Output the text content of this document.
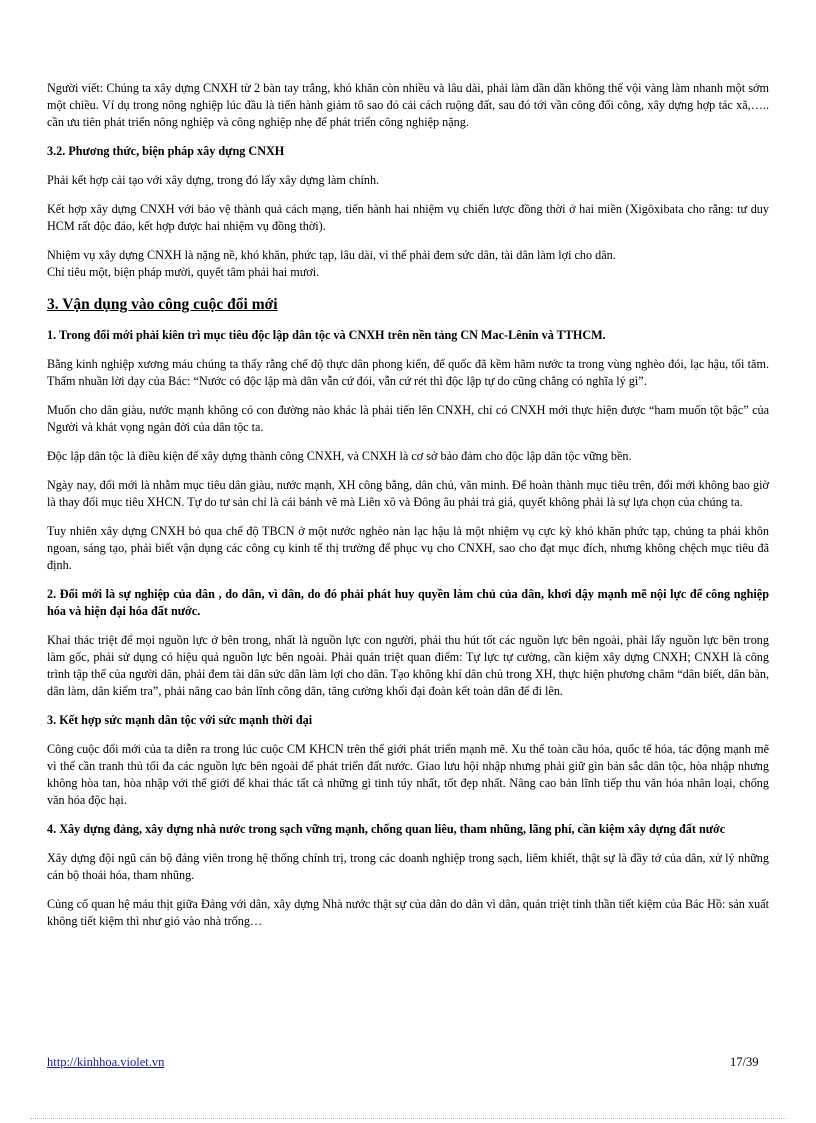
Người viết: Chúng ta xây dựng CNXH từ 2 bàn tay trắng, khó khăn còn nhiều và lâu dài, phải làm dần dần không thể vội vàng làm nhanh một sớm một chiều. Ví dụ trong nông nghiệp lúc đầu là tiến hành giảm tô sao đó cải cách ruộng đất, sau đó tới vần công đổi công, xây dựng hợp tác xã,….. cần ưu tiên phát triển nông nghiệp và công nghiệp nhẹ để phát triển công nghiệp nặng.

3.2. Phương thức, biện pháp xây dựng CNXH

Phải kết hợp cải tạo với xây dựng, trong đó lấy xây dựng làm chính.

Kết hợp xây dựng CNXH với bảo vệ thành quả cách mạng, tiến hành hai nhiệm vụ chiến lược đồng thời ở hai miền (Xigôxibata cho rằng: tư duy HCM rất độc đáo, kết hợp được hai nhiệm vụ đồng thời).

Nhiệm vụ xây dựng CNXH là nặng nề, khó khăn, phức tạp, lâu dài, vì thế phải đem sức dân, tài dân làm lợi cho dân.

Chỉ tiêu một, biện pháp mười, quyết tâm phải hai mươi.

3. Vận dụng vào công cuộc đổi mới

1. Trong đổi mới phải kiên trì mục tiêu độc lập dân tộc và CNXH trên nền tảng CN Mac-Lênin và TTHCM.

Bằng kinh nghiệp xương máu chúng ta thấy rằng chế độ thực dân phong kiến, đế quốc đã kềm hãm nước ta trong vùng nghèo đói, lạc hậu, tối tăm. Thấm nhuần lời dạy của Bác: “Nước có độc lập mà dân vẫn cứ đói, vẫn cứ rét thì độc lập tự do cũng chẳng có nghĩa lý gì”.

Muốn cho dân giàu, nước mạnh không có con đường nào khác là phải tiến lên CNXH, chỉ có CNXH mới thực hiện được “ham muốn tột bậc” của Người và khát vọng ngàn đời của dân tộc ta.

Độc lập dân tộc là điều kiện để xây dựng thành công CNXH, và CNXH là cơ sở bảo đảm cho độc lập dân tộc vững bền.

Ngày nay, đổi mới là nhằm mục tiêu dân giàu, nước mạnh, XH công bằng, dân chủ, văn minh. Để hoàn thành mục tiêu trên, đổi mới không bao giờ là thay đổi mục tiêu XHCN. Tự do tư sản chỉ là cái bánh vẽ mà Liên xô và Đông âu phải trả giá, quyết không phải là sự lựa chọn của chúng ta.

Tuy nhiên xây dựng CNXH bỏ qua chế độ TBCN ở một nước nghèo nàn lạc hậu là một nhiệm vụ cực kỳ khó khăn phức tạp, chúng ta phải khôn ngoan, sáng tạo, phải biết vận dụng các công cụ kinh tế thị trường để phục vụ cho CNXH, sao cho đạt mục đích, nhưng không chệch mục tiêu đã định.

2. Đổi mới là sự nghiệp của dân , do dân, vì dân, do đó phải phát huy quyền làm chủ của dân, khơi dậy mạnh mẽ nội lực để công nghiệp hóa và hiện đại hóa đất nước.

Khai thác triệt để mọi nguồn lực ở bên trong, nhất là nguồn lực con người, phải thu hút tốt các nguồn lực bên ngoài, phải lấy nguồn lực bên trong làm gốc, phải sử dụng có hiệu quả nguồn lực bên ngoài. Phải quán triệt quan điểm: Tự lực tự cường, cần kiệm xây dựng CNXH; CNXH là công trình tập thể của người dân, phải đem tài dân sức dân làm lợi cho dân. Tạo không khí dân chủ trong XH, thực hiện phương châm “dân biết, dân bàn, dân làm, dân kiểm tra”, phải nâng cao bản lĩnh công dân, tăng cường khối đại đoàn kết toàn dân để đi lên.

3. Kết hợp sức mạnh dân tộc với sức mạnh thời đại

Công cuộc đổi mới của ta diễn ra trong lúc cuộc CM KHCN trên thế giới phát triển mạnh mẽ. Xu thế toàn cầu hóa, quốc tế hóa, tác động mạnh mẽ vì thế cần tranh thủ tối đa các nguồn lực bên ngoài để phát triển đất nước. Giao lưu hội nhập nhưng phải giữ gìn bản sắc dân tộc, hòa nhập nhưng không hòa tan, hòa nhập với thế giới để khai thác tất cả những gì tinh túy nhất, tốt đẹp nhất. Nâng cao bản lĩnh tiếp thu văn hóa nhân loại, chống văn hóa độc hại.

4. Xây dựng đảng, xây dựng nhà nước trong sạch vững mạnh, chống quan liêu, tham nhũng, lãng phí, cần kiệm xây dựng đất nước

Xây dựng đội ngũ cán bộ đảng viên trong hệ thống chính trị, trong các doanh nghiệp trong sạch, liêm khiết, thật sự là đầy tớ của dân, xử lý những cán bộ thoái hóa, tham nhũng.

Củng cố quan hệ máu thịt giữa Đảng với dân, xây dựng Nhà nước thật sự của dân do dân vì dân, quán triệt tinh thần tiết kiệm của Bác Hồ: sản xuất không tiết kiệm thì như gió vào nhà trống…

http://kinhhoa.violet.vn	17/39
